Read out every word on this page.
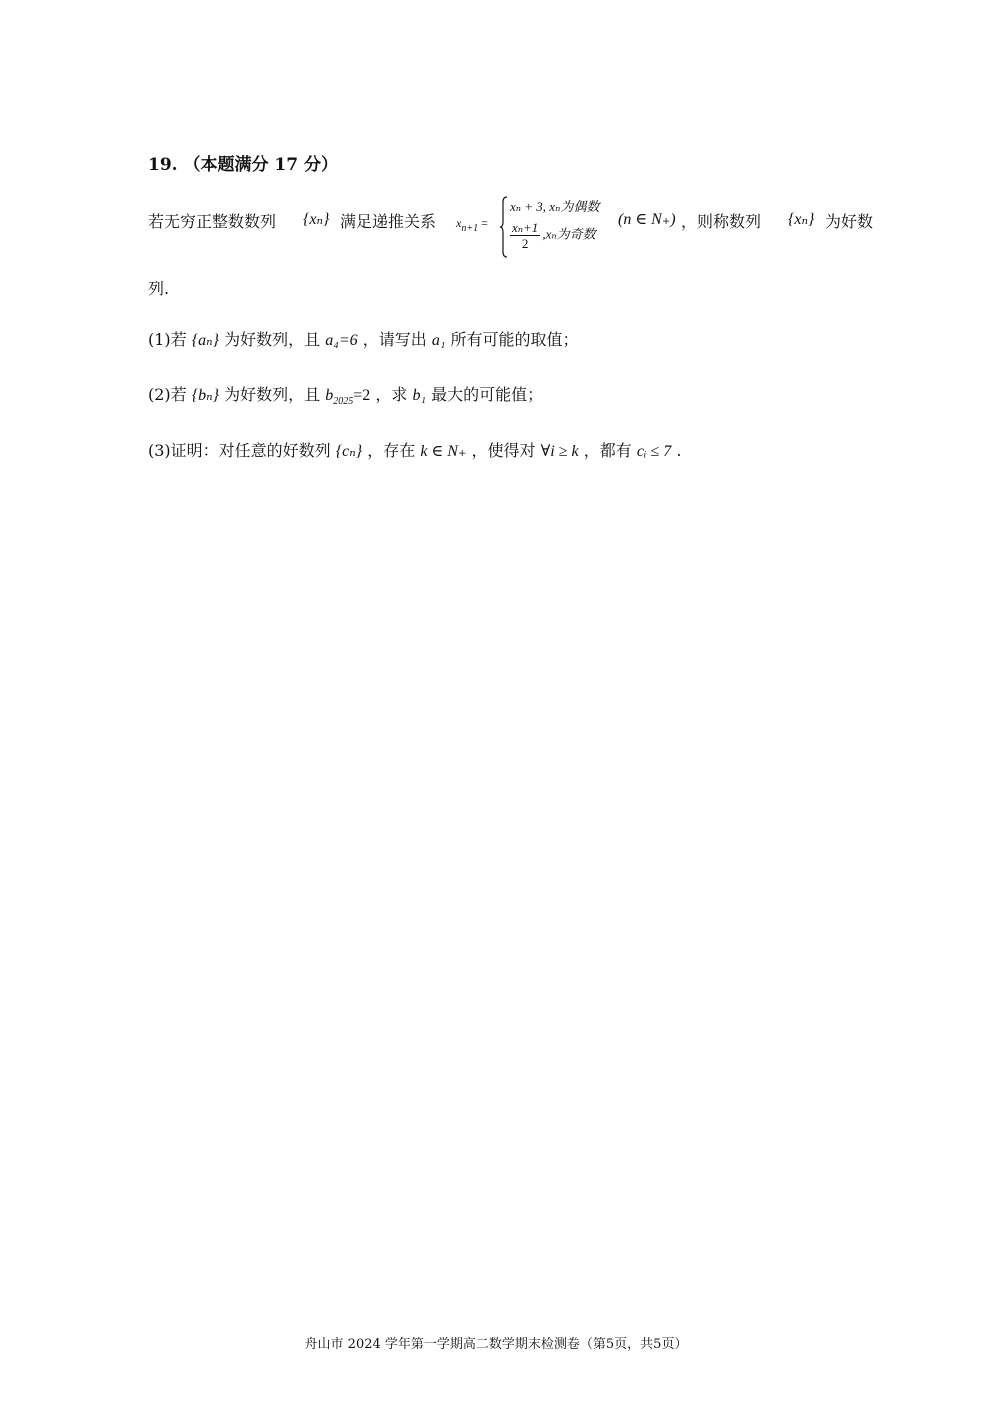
19. （本题满分 17 分）
若无穷正整数数列 {xₙ} 满足递推关系 $x_{n+1}$ =
xₙ + 3, xₙ为偶数
$\frac{\text{xₙ+1}}{2} ,x_n$为奇数
(n ∈ N₊) ，则称数列 {xₙ} 为好数
列.
(1)若 {aₙ} 为好数列，且 a₄=6 ，请写出 a₁ 所有可能的取值；
(2)若 {bₙ} 为好数列，且 $b_{2025}=2$ ，求 b₁ 最大的可能值；
(3)证明：对任意的好数列 {cₙ} ，存在 k ∈ N₊ ，使得对 ∀i ≥ k ，都有 cᵢ ≤ 7 .
舟山市 2024 学年第一学期高二数学期末检测卷（第5页，共5页）
